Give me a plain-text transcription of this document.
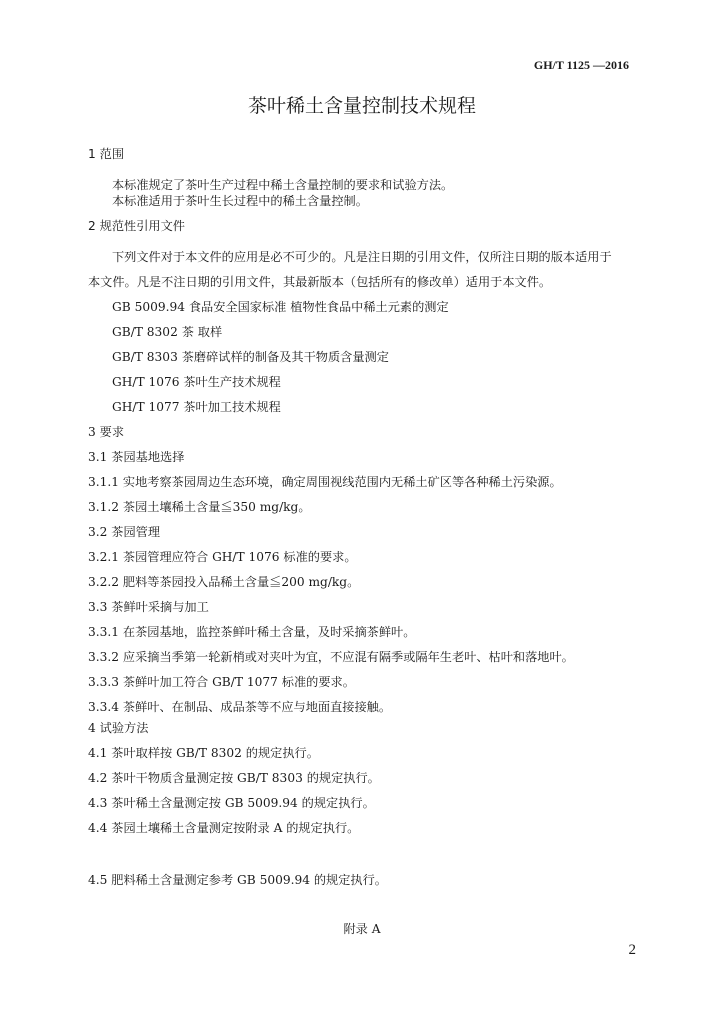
GH/T 1125 —2016
茶叶稀土含量控制技术规程
1 范围
本标准规定了茶叶生产过程中稀土含量控制的要求和试验方法。
本标准适用于茶叶生长过程中的稀土含量控制。
2 规范性引用文件
下列文件对于本文件的应用是必不可少的。凡是注日期的引用文件，仅所注日期的版本适用于
本文件。凡是不注日期的引用文件，其最新版本（包括所有的修改单）适用于本文件。
GB 5009.94 食品安全国家标准 植物性食品中稀土元素的测定
GB/T 8302 茶 取样
GB/T 8303 茶磨碎试样的制备及其干物质含量测定
GH/T 1076 茶叶生产技术规程
GH/T 1077 茶叶加工技术规程
3 要求
3.1 茶园基地选择
3.1.1 实地考察茶园周边生态环境，确定周围视线范围内无稀土矿区等各种稀土污染源。
3.1.2 茶园土壤稀土含量≦350 mg/kg。
3.2 茶园管理
3.2.1 茶园管理应符合 GH/T 1076 标准的要求。
3.2.2 肥料等茶园投入品稀土含量≦200 mg/kg。
3.3 茶鲜叶采摘与加工
3.3.1 在茶园基地，监控茶鲜叶稀土含量，及时采摘茶鲜叶。
3.3.2 应采摘当季第一轮新梢或对夹叶为宜，不应混有隔季或隔年生老叶、枯叶和落地叶。
3.3.3 茶鲜叶加工符合 GB/T 1077 标准的要求。
3.3.4 茶鲜叶、在制品、成品茶等不应与地面直接接触。
4 试验方法
4.1 茶叶取样按 GB/T 8302 的规定执行。
4.2 茶叶干物质含量测定按 GB/T 8303 的规定执行。
4.3 茶叶稀土含量测定按 GB 5009.94 的规定执行。
4.4 茶园土壤稀土含量测定按附录 A 的规定执行。
4.5 肥料稀土含量测定参考 GB 5009.94 的规定执行。
附录 A
2
